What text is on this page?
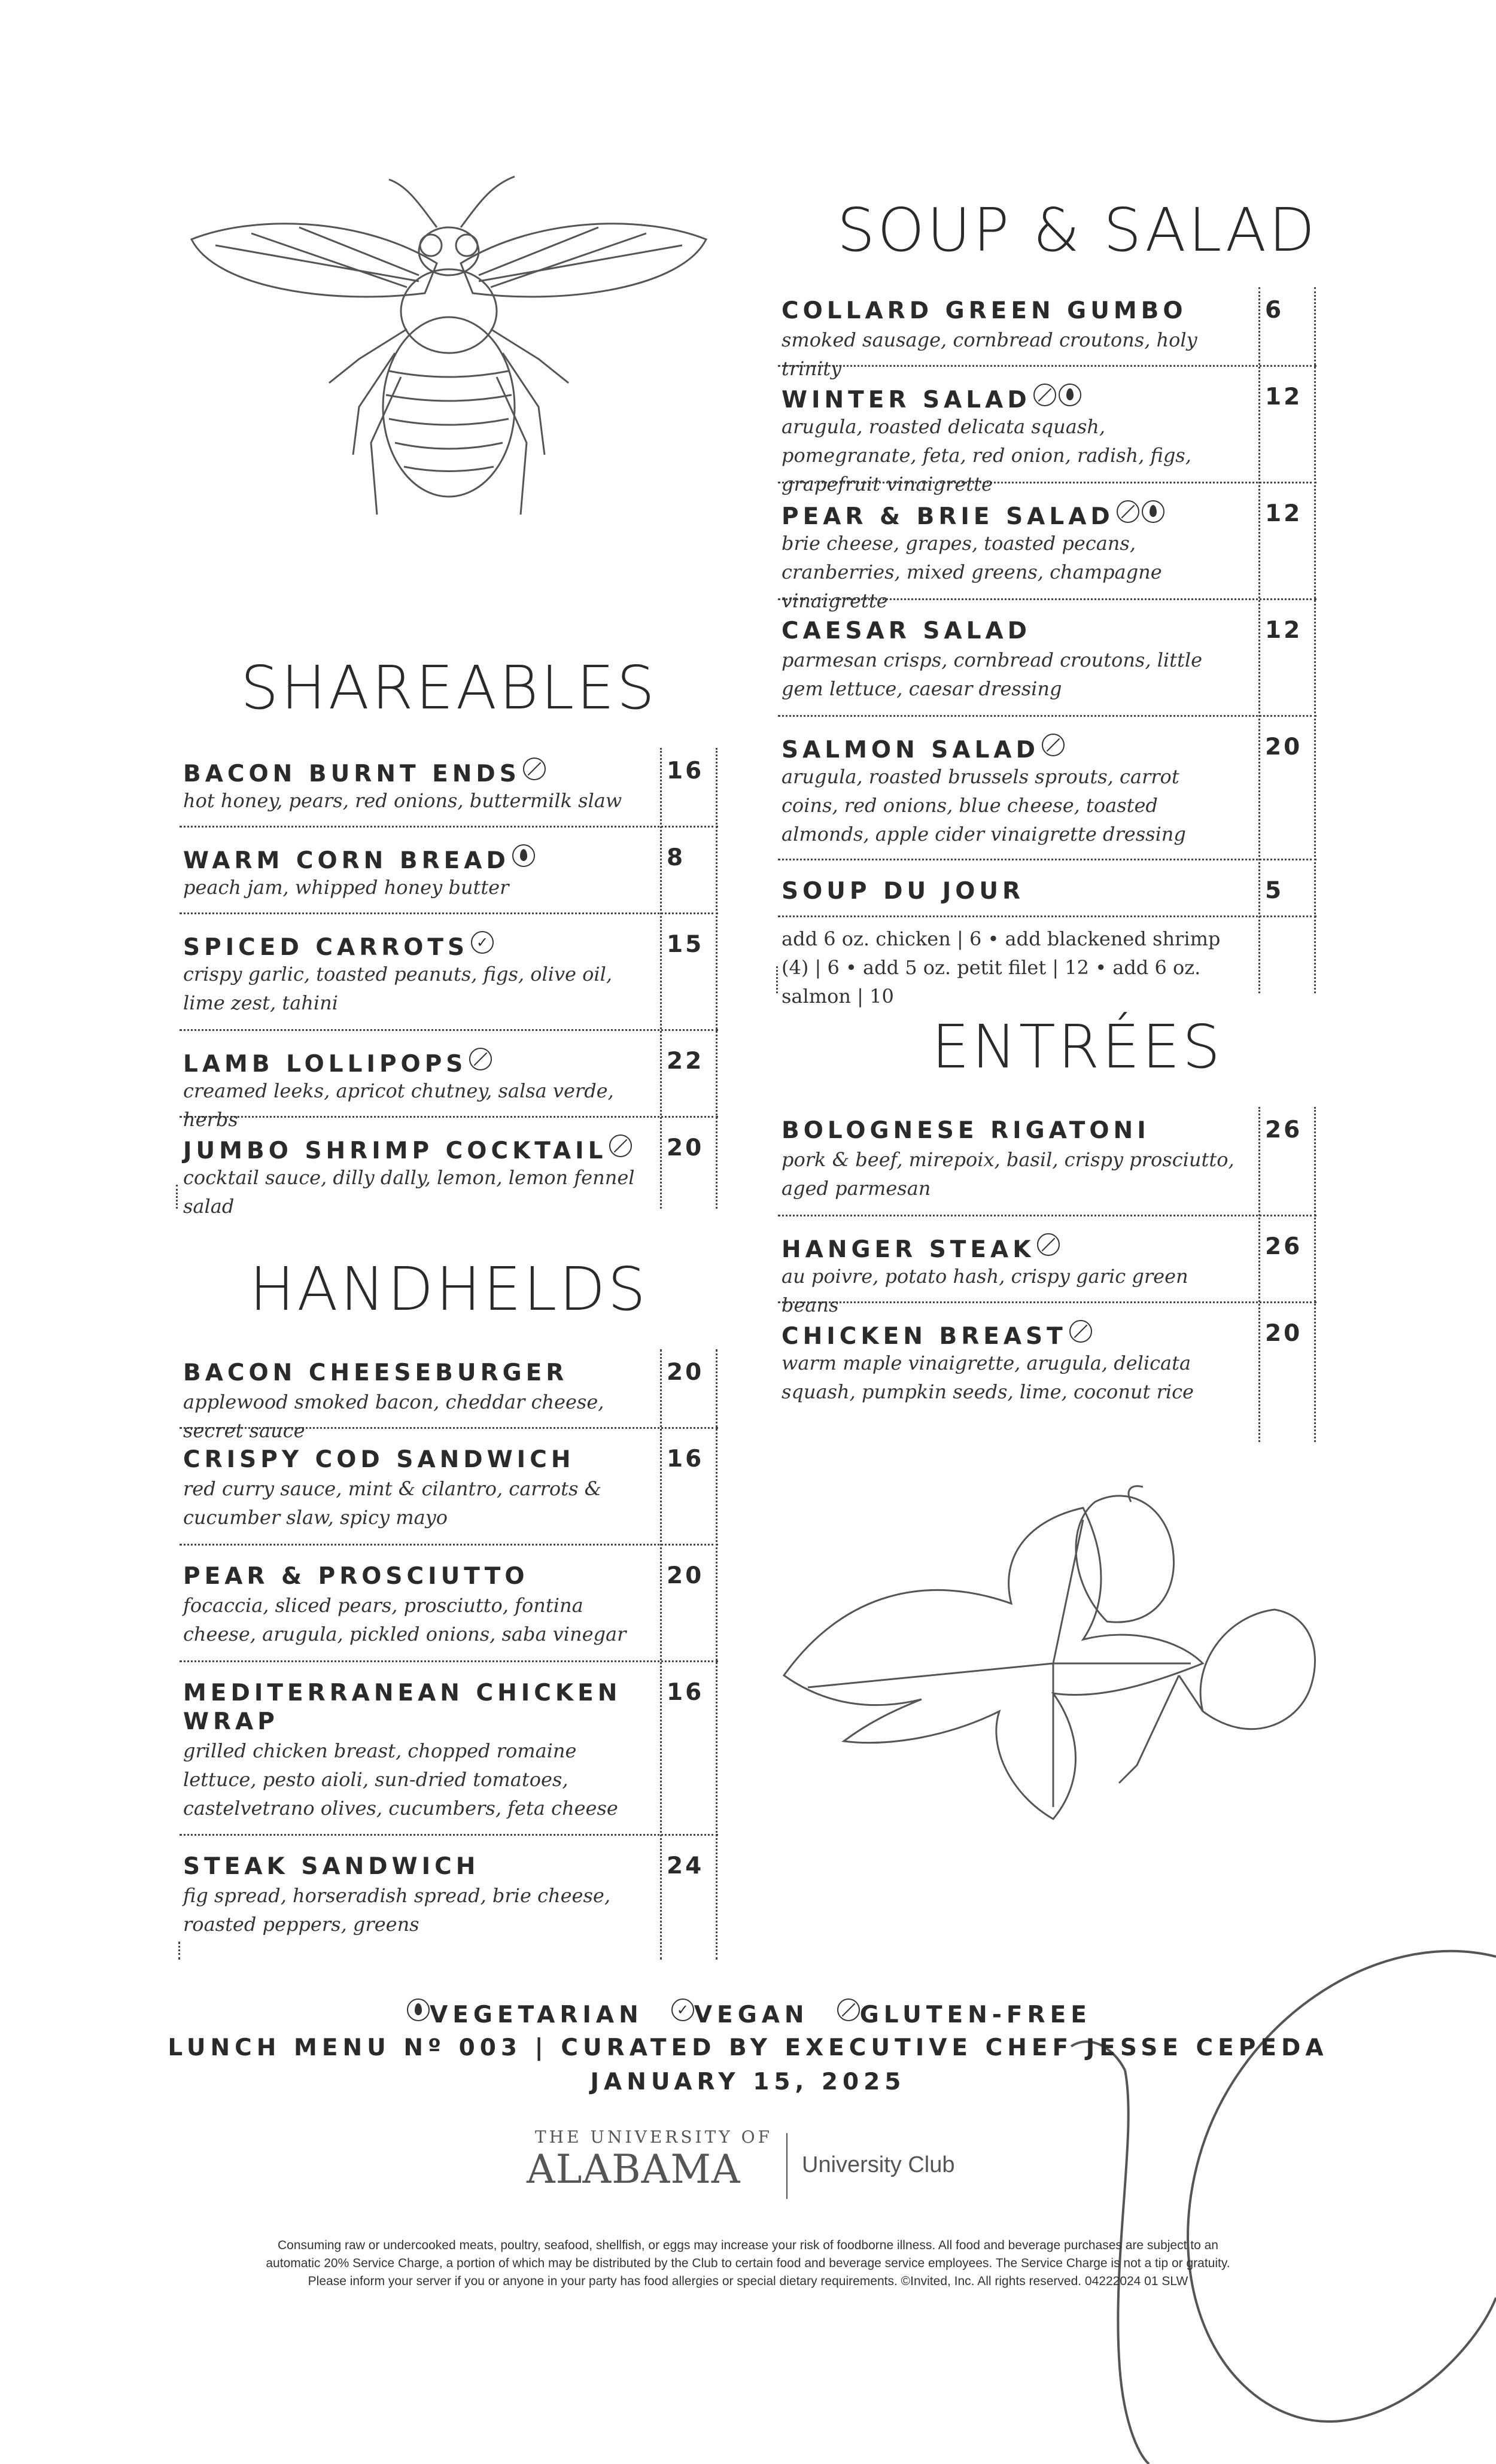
SHAREABLES
BACON BURNT ENDS
hot honey, pears, red onions, buttermilk slaw
16
WARM CORN BREAD
peach jam, whipped honey butter
8
SPICED CARROTS✓
crispy garlic, toasted peanuts, figs, olive oil, lime zest, tahini
15
LAMB LOLLIPOPS
creamed leeks, apricot chutney, salsa verde, herbs
22
JUMBO SHRIMP COCKTAIL
cocktail sauce, dilly dally, lemon, lemon fennel salad
20
HANDHELDS
BACON CHEESEBURGER
applewood smoked bacon, cheddar cheese, secret sauce
20
CRISPY COD SANDWICH
red curry sauce, mint & cilantro, carrots & cucumber slaw, spicy mayo
16
PEAR & PROSCIUTTO
focaccia, sliced pears, prosciutto, fontina cheese, arugula, pickled onions, saba vinegar
20
MEDITERRANEAN CHICKEN WRAP
grilled chicken breast, chopped romaine lettuce, pesto aioli, sun-dried tomatoes, castelvetrano olives, cucumbers, feta cheese
16
STEAK SANDWICH
fig spread, horseradish spread, brie cheese, roasted peppers, greens
24
SOUP & SALAD
COLLARD GREEN GUMBO
smoked sausage, cornbread croutons, holy trinity
6
WINTER SALAD
arugula, roasted delicata squash, pomegranate, feta, red onion, radish, figs, grapefruit vinaigrette
12
PEAR & BRIE SALAD
brie cheese, grapes, toasted pecans, cranberries, mixed greens, champagne vinaigrette
12
CAESAR SALAD
parmesan crisps, cornbread croutons, little gem lettuce, caesar dressing
12
SALMON SALAD
arugula, roasted brussels sprouts, carrot coins, red onions, blue cheese, toasted almonds, apple cider vinaigrette dressing
20
SOUP DU JOUR	5
add 6 oz. chicken | 6 • add blackened shrimp (4) | 6 • add 5 oz. petit filet | 12 • add 6 oz. salmon | 10
ENTRÉES
BOLOGNESE RIGATONI
pork & beef, mirepoix, basil, crispy prosciutto, aged parmesan
26
HANGER STEAK
au poivre, potato hash, crispy garic green beans
26
CHICKEN BREAST
warm maple vinaigrette, arugula, delicata squash, pumpkin seeds, lime, coconut rice
20
VEGETARIAN  ✓ VEGAN GLUTEN-FREE
LUNCH MENU Nº 003 | CURATED BY EXECUTIVE CHEF JESSE CEPEDA
JANUARY 15, 2025
THE UNIVERSITY OF
ALABAMA	University Club
Consuming raw or undercooked meats, poultry, seafood, shellfish, or eggs may increase your risk of foodborne illness. All food and beverage purchases are subject to an
automatic 20% Service Charge, a portion of which may be distributed by the Club to certain food and beverage service employees. The Service Charge is not a tip or gratuity.
Please inform your server if you or anyone in your party has food allergies or special dietary requirements. ©Invited, Inc. All rights reserved. 04222024 01 SLW
